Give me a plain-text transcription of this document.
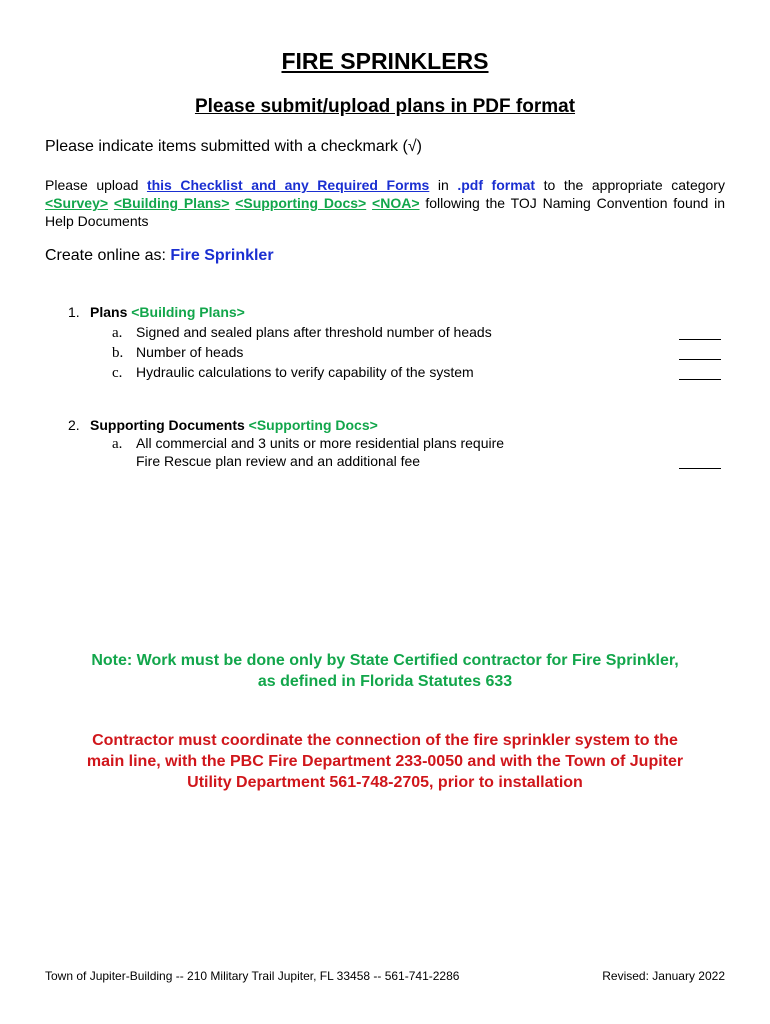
FIRE SPRINKLERS
Please submit/upload plans in PDF format
Please indicate items submitted with a checkmark (√)
Please upload this Checklist and any Required Forms in .pdf format to the appropriate category <Survey> <Building Plans> <Supporting Docs> <NOA> following the TOJ Naming Convention found in Help Documents
Create online as: Fire Sprinkler
1. Plans <Building Plans>
a. Signed and sealed plans after threshold number of heads
b. Number of heads
c. Hydraulic calculations to verify capability of the system
2. Supporting Documents <Supporting Docs>
a. All commercial and 3 units or more residential plans require
Fire Rescue plan review and an additional fee
Note: Work must be done only by State Certified contractor for Fire Sprinkler,
as defined in Florida Statutes 633
Contractor must coordinate the connection of the fire sprinkler system to the
main line, with the PBC Fire Department 233-0050 and with the Town of Jupiter
Utility Department 561-748-2705, prior to installation
Town of Jupiter-Building -- 210 Military Trail Jupiter, FL 33458 -- 561-741-2286	Revised: January 2022
